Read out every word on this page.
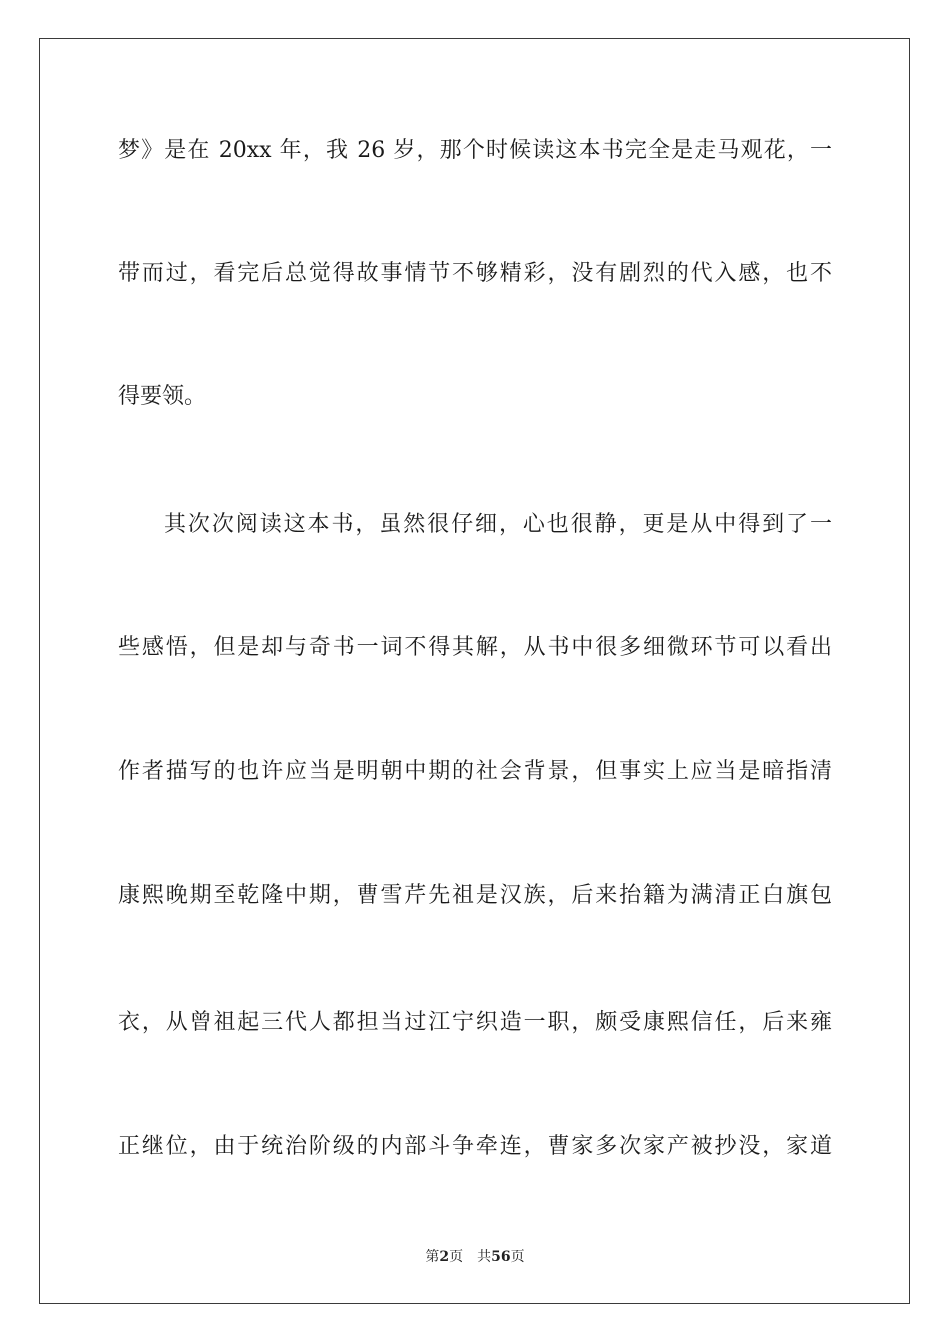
梦》是在 20xx 年，我 26 岁，那个时候读这本书完全是走马观花，一
带而过，看完后总觉得故事情节不够精彩，没有剧烈的代入感，也不
得要领。
其次次阅读这本书，虽然很仔细，心也很静，更是从中得到了一
些感悟，但是却与奇书一词不得其解，从书中很多细微环节可以看出
作者描写的也许应当是明朝中期的社会背景，但事实上应当是暗指清
康熙晚期至乾隆中期，曹雪芹先祖是汉族，后来抬籍为满清正白旗包
衣，从曾祖起三代人都担当过江宁织造一职，颇受康熙信任，后来雍
正继位，由于统治阶级的内部斗争牵连，曹家多次家产被抄没，家道
第2页 共56页
